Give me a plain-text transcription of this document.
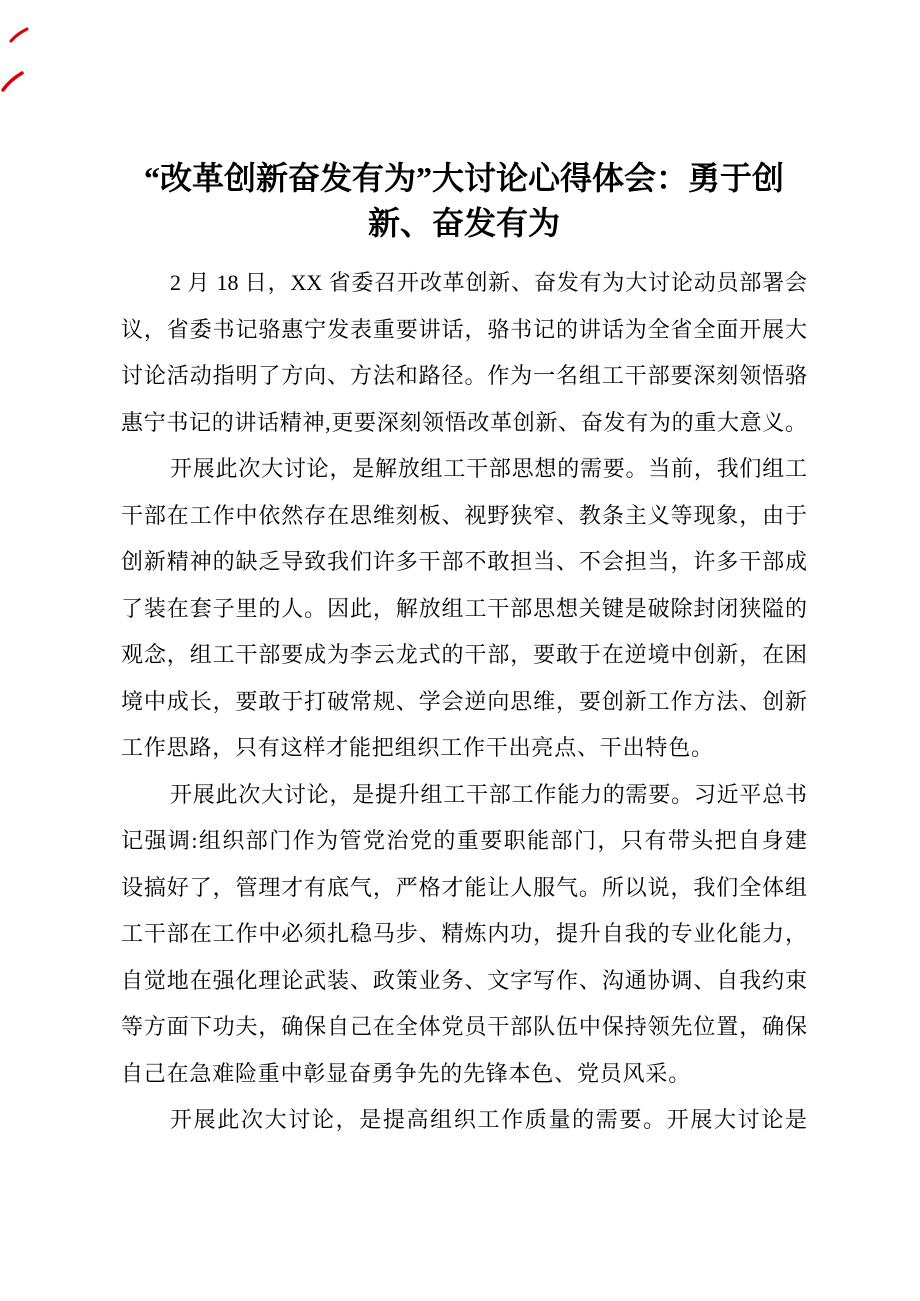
“改革创新奋发有为”大讨论心得体会：勇于创
新、奋发有为
2 月 18 日，XX 省委召开改革创新、奋发有为大讨论动员部署会
议，省委书记骆惠宁发表重要讲话，骆书记的讲话为全省全面开展大
讨论活动指明了方向、方法和路径。作为一名组工干部要深刻领悟骆
惠宁书记的讲话精神,更要深刻领悟改革创新、奋发有为的重大意义。
开展此次大讨论，是解放组工干部思想的需要。当前，我们组工
干部在工作中依然存在思维刻板、视野狭窄、教条主义等现象，由于
创新精神的缺乏导致我们许多干部不敢担当、不会担当，许多干部成
了装在套子里的人。因此，解放组工干部思想关键是破除封闭狭隘的
观念，组工干部要成为李云龙式的干部，要敢于在逆境中创新，在困
境中成长，要敢于打破常规、学会逆向思维，要创新工作方法、创新
工作思路，只有这样才能把组织工作干出亮点、干出特色。
开展此次大讨论，是提升组工干部工作能力的需要。习近平总书
记强调:组织部门作为管党治党的重要职能部门，只有带头把自身建
设搞好了，管理才有底气，严格才能让人服气。所以说，我们全体组
工干部在工作中必须扎稳马步、精炼内功，提升自我的专业化能力，
自觉地在强化理论武装、政策业务、文字写作、沟通协调、自我约束
等方面下功夫，确保自己在全体党员干部队伍中保持领先位置，确保
自己在急难险重中彰显奋勇争先的先锋本色、党员风采。
开展此次大讨论，是提高组织工作质量的需要。开展大讨论是
